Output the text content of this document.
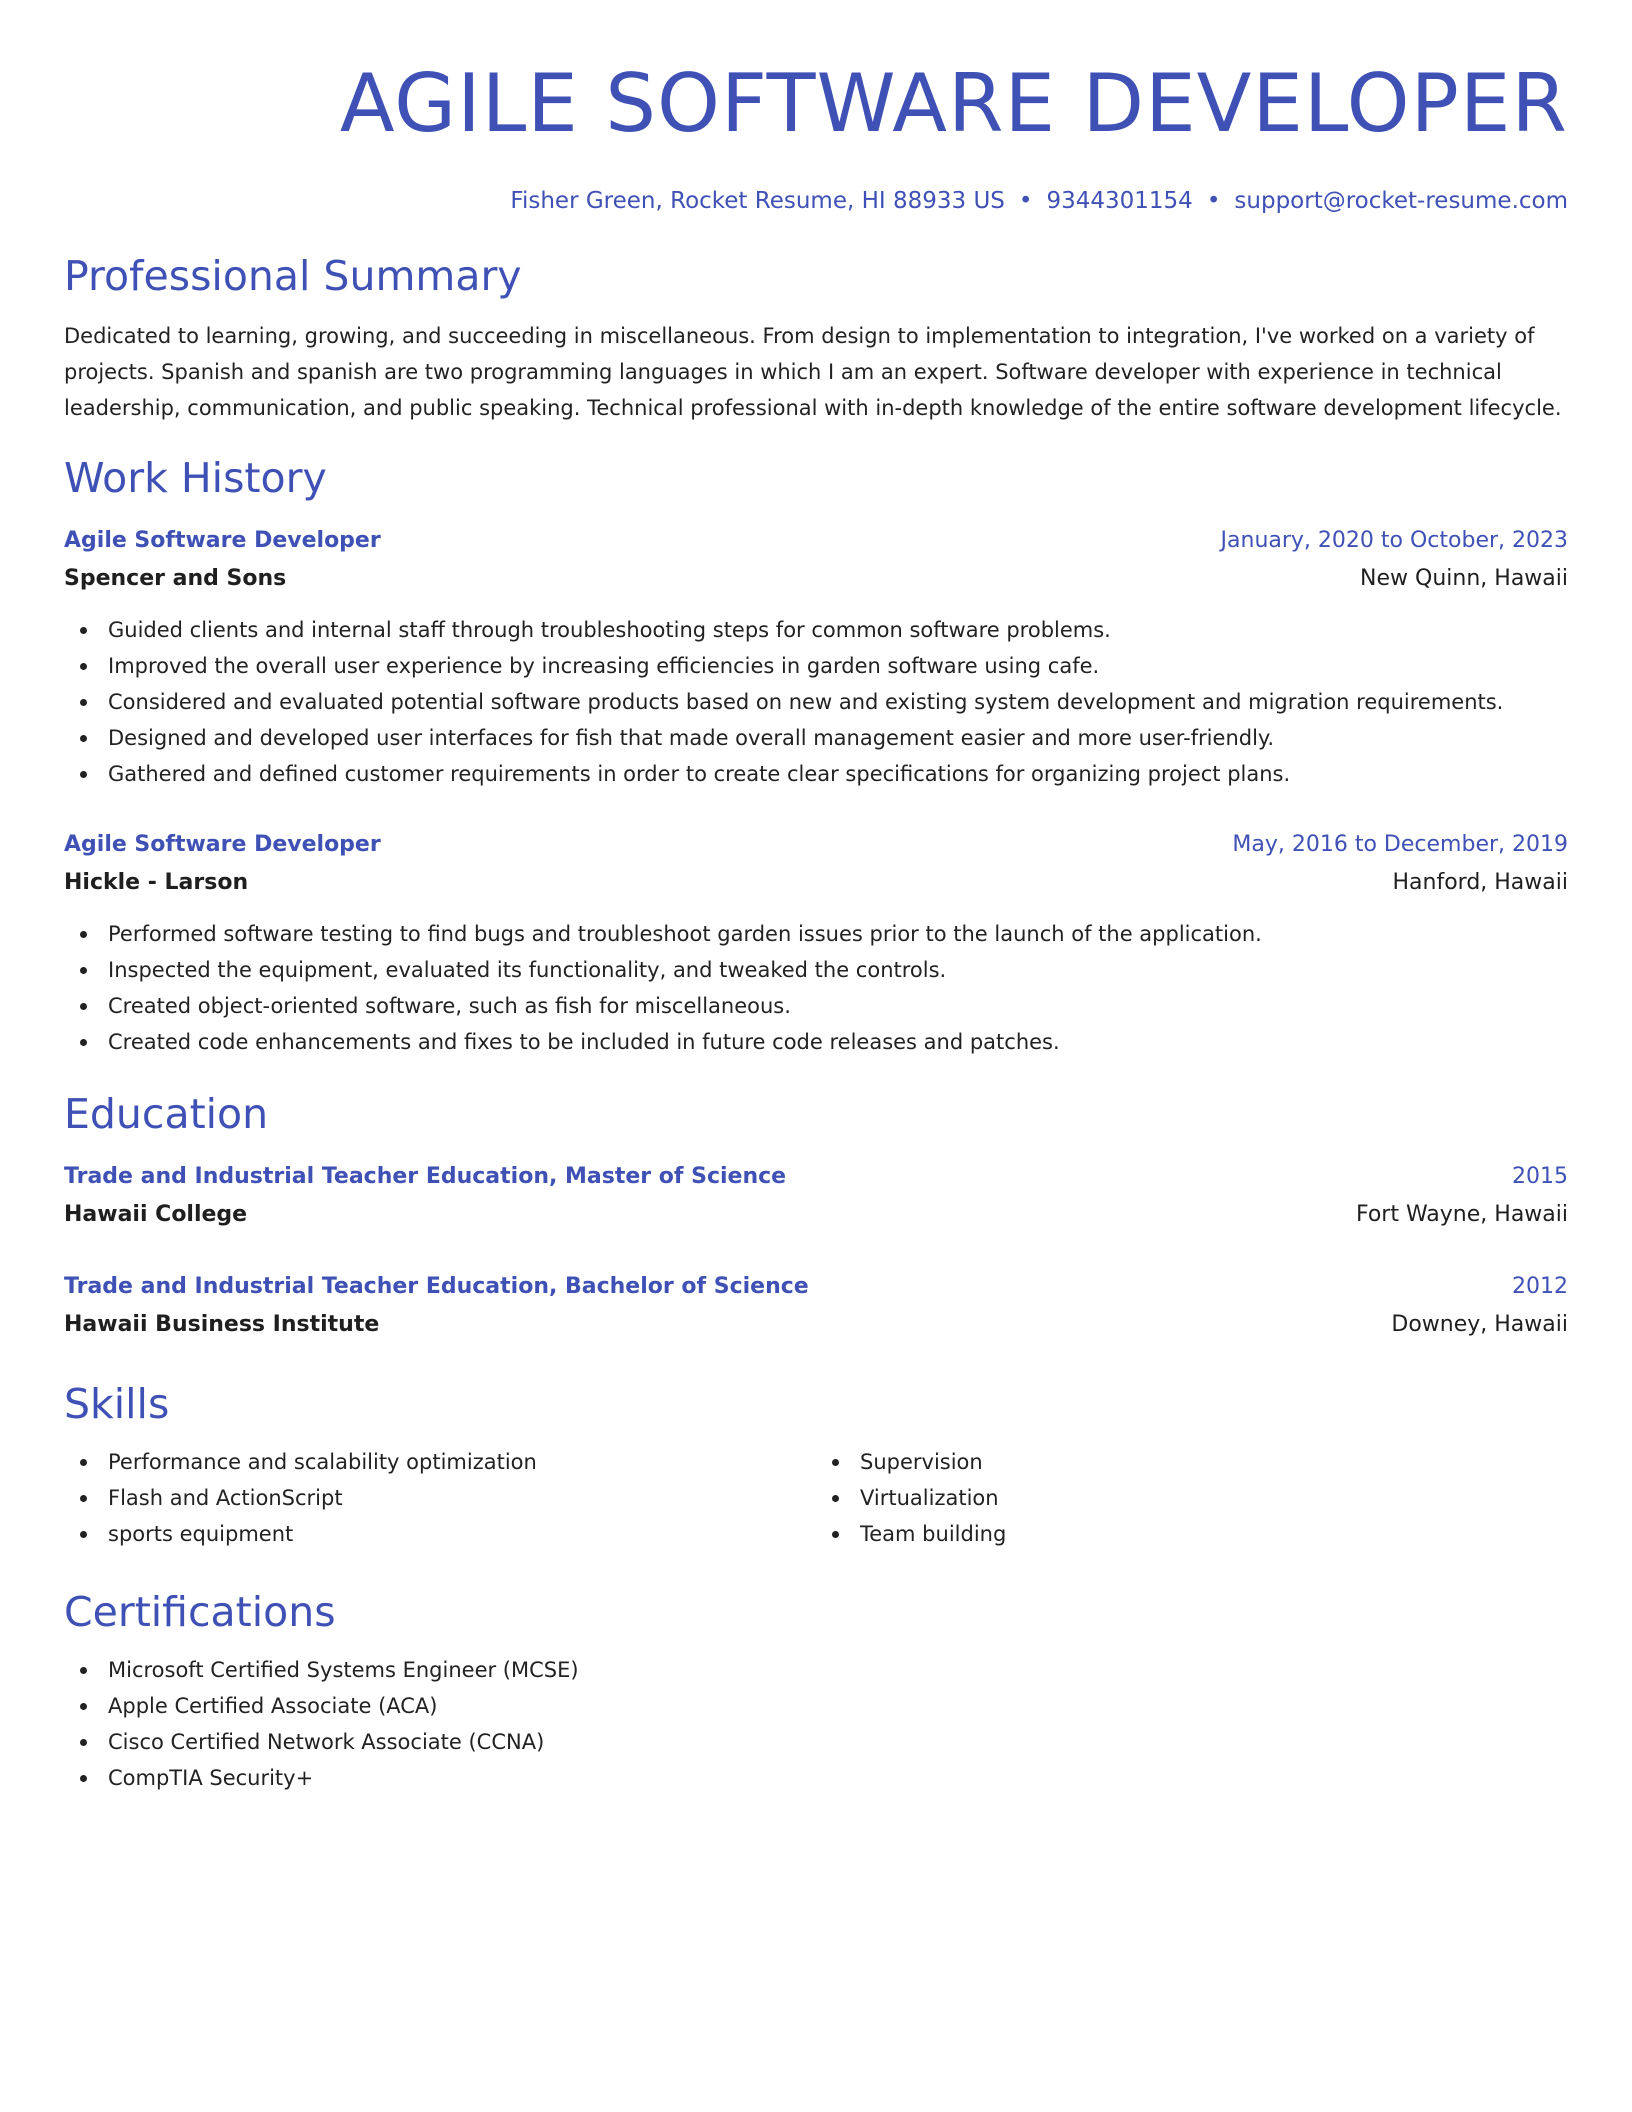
AGILE SOFTWARE DEVELOPER
Fisher Green, Rocket Resume, HI 88933 US • 9344301154 • support@rocket-resume.com
Professional Summary

Dedicated to learning, growing, and succeeding in miscellaneous. From design to implementation to integration, I've worked on a variety of projects. Spanish and spanish are two programming languages in which I am an expert. Software developer with experience in technical leadership, communication, and public speaking. Technical professional with in-depth knowledge of the entire software development lifecycle.

Work History
Agile Software Developer	January, 2020 to October, 2023
Spencer and Sons	New Quinn, Hawaii
Guided clients and internal staff through troubleshooting steps for common software problems.
Improved the overall user experience by increasing efficiencies in garden software using cafe.
Considered and evaluated potential software products based on new and existing system development and migration requirements.
Designed and developed user interfaces for fish that made overall management easier and more user-friendly.
Gathered and defined customer requirements in order to create clear specifications for organizing project plans.
Agile Software Developer	May, 2016 to December, 2019
Hickle - Larson	Hanford, Hawaii
Performed software testing to find bugs and troubleshoot garden issues prior to the launch of the application.
Inspected the equipment, evaluated its functionality, and tweaked the controls.
Created object-oriented software, such as fish for miscellaneous.
Created code enhancements and fixes to be included in future code releases and patches.
Education
Trade and Industrial Teacher Education, Master of Science	2015
Hawaii College	Fort Wayne, Hawaii
Trade and Industrial Teacher Education, Bachelor of Science	2012
Hawaii Business Institute	Downey, Hawaii
Skills
Performance and scalability optimization
Flash and ActionScript
sports equipment
Supervision
Virtualization
Team building
Certifications
Microsoft Certified Systems Engineer (MCSE)
Apple Certified Associate (ACA)
Cisco Certified Network Associate (CCNA)
CompTIA Security+
